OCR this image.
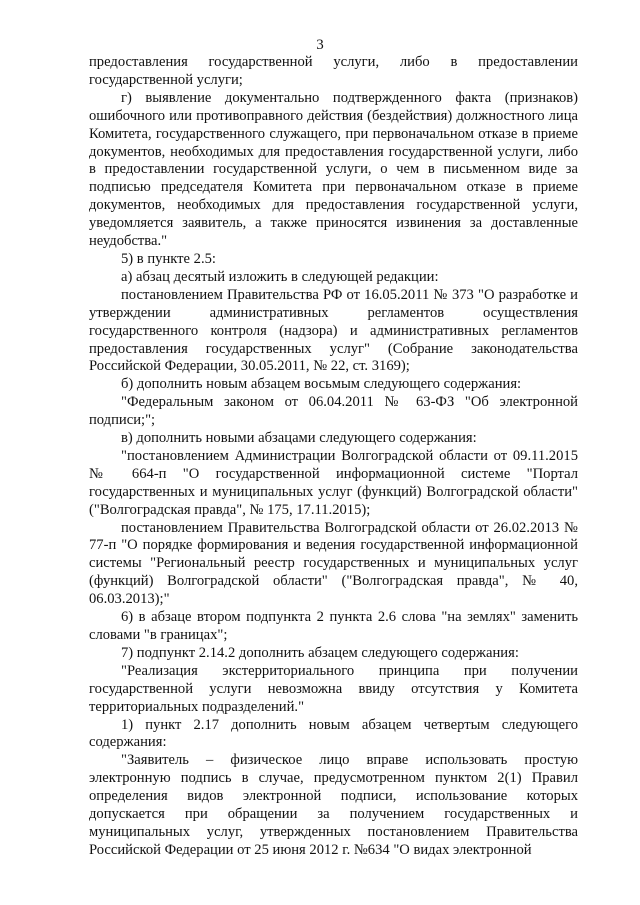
3

предоставления государственной услуги, либо в предоставлении государственной услуги;

г) выявление документально подтвержденного факта (признаков) ошибочного или противоправного действия (бездействия) должностного лица Комитета, государственного служащего, при первоначальном отказе в приеме документов, необходимых для предоставления государственной услуги, либо в предоставлении государственной услуги, о чем в письменном виде за подписью председателя Комитета при первоначальном отказе в приеме документов, необходимых для предоставления государственной услуги, уведомляется заявитель, а также приносятся извинения за доставленные неудобства."

5) в пункте 2.5:

а) абзац десятый изложить в следующей редакции:

постановлением Правительства РФ от 16.05.2011 № 373 "О разработке и утверждении административных регламентов осуществления государственного контроля (надзора) и административных регламентов предоставления государственных услуг" (Собрание законодательства Российской Федерации, 30.05.2011, № 22, ст. 3169);

б) дополнить новым абзацем восьмым следующего содержания:

"Федеральным законом от 06.04.2011 № 63-ФЗ "Об электронной подписи;";

в) дополнить новыми абзацами следующего содержания:

"постановлением Администрации Волгоградской области от 09.11.2015 № 664-п "О государственной информационной системе "Портал государственных и муниципальных услуг (функций) Волгоградской области" ("Волгоградская правда", № 175, 17.11.2015);

постановлением Правительства Волгоградской области от 26.02.2013 № 77-п "О порядке формирования и ведения государственной информационной системы "Региональный реестр государственных и муниципальных услуг (функций) Волгоградской области" ("Волгоградская правда", № 40, 06.03.2013);"

6) в абзаце втором подпункта 2 пункта 2.6 слова "на землях" заменить словами "в границах";

7) подпункт 2.14.2 дополнить абзацем следующего содержания:

"Реализация экстерриториального принципа при получении государственной услуги невозможна ввиду отсутствия у Комитета территориальных подразделений."

1) пункт 2.17 дополнить новым абзацем четвертым следующего содержания:

"Заявитель – физическое лицо вправе использовать простую электронную подпись в случае, предусмотренном пунктом 2(1) Правил определения видов электронной подписи, использование которых допускается при обращении за получением государственных и муниципальных услуг, утвержденных постановлением Правительства Российской Федерации от 25 июня 2012 г. №634 "О видах электронной
